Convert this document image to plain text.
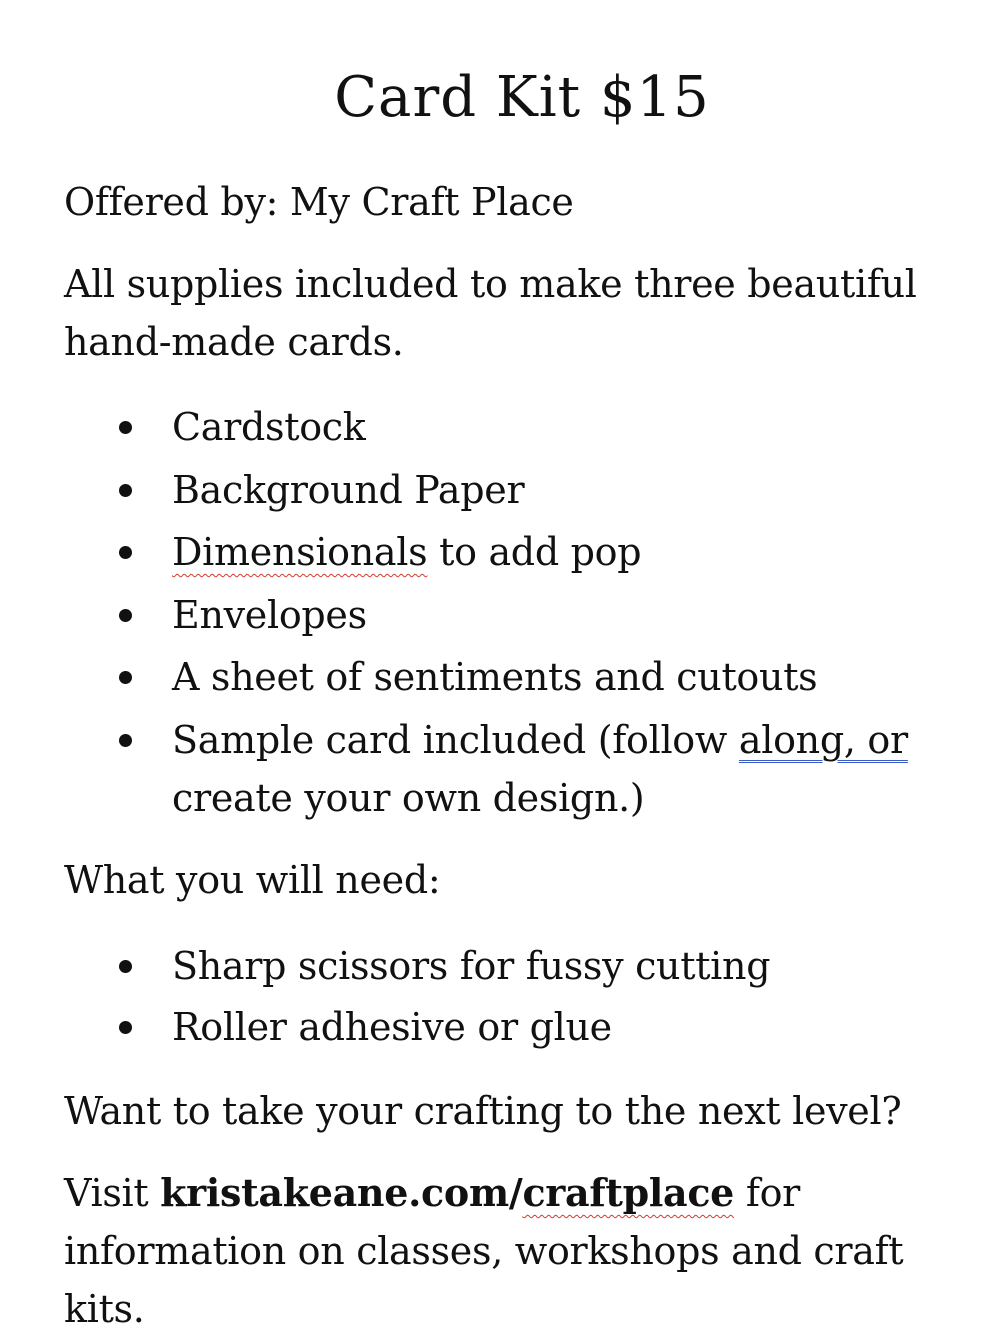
Card Kit $15

Offered by: My Craft Place

All supplies included to make three beautiful hand-made cards.

Cardstock
Background Paper
Dimensionals to add pop
Envelopes
A sheet of sentiments and cutouts
Sample card included (follow along, or create your own design.)

What you will need:

Sharp scissors for fussy cutting
Roller adhesive or glue

Want to take your crafting to the next level?

Visit kristakeane.com/craftplace for information on classes, workshops and craft kits.
